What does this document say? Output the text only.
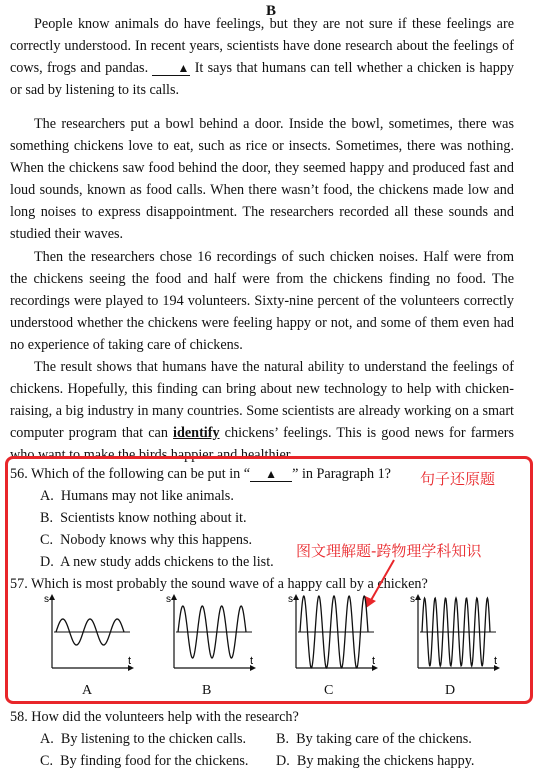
B

People know animals do have feelings, but they are not sure if these feelings are correctly understood. In recent years, scientists have done research about the feelings of cows, frogs and pandas. ▲ It says that humans can tell whether a chicken is happy or sad by listening to its calls.

The researchers put a bowl behind a door. Inside the bowl, sometimes, there was something chickens love to eat, such as rice or insects. Sometimes, there was nothing. When the chickens saw food behind the door, they seemed happy and produced fast and loud sounds, known as food calls. When there wasn’t food, the chickens made low and long noises to express disappointment. The researchers recorded all these sounds and studied their waves.

Then the researchers chose 16 recordings of such chicken noises. Half were from the chickens seeing the food and half were from the chickens finding no food. The recordings were played to 194 volunteers. Sixty-nine percent of the volunteers correctly understood whether the chickens were feeling happy or not, and some of them even had no experience of taking care of chickens.

The result shows that humans have the natural ability to understand the feelings of chickens. Hopefully, this finding can bring about new technology to help with chicken-raising, a big industry in many countries. Some scientists are already working on a smart computer program that can identify chickens’ feelings. This is good news for farmers who want to make the birds happier and healthier.

56. Which of the following can be put in “ ▲ ” in Paragraph 1?
A. Humans may not like animals.
B. Scientists know nothing about it.
C. Nobody knows why this happens.
D. A new study adds chickens to the list.
57. Which is most probably the sound wave of a happy call by a chicken?
句子还原题
图文理解题-跨物理学科知识
s
t
s
t
s
t
s
t
A	B	C	D
58. How did the volunteers help with the research?
A. By listening to the chicken calls. B. By taking care of the chickens.
C. By finding food for the chickens. D. By making the chickens happy.
